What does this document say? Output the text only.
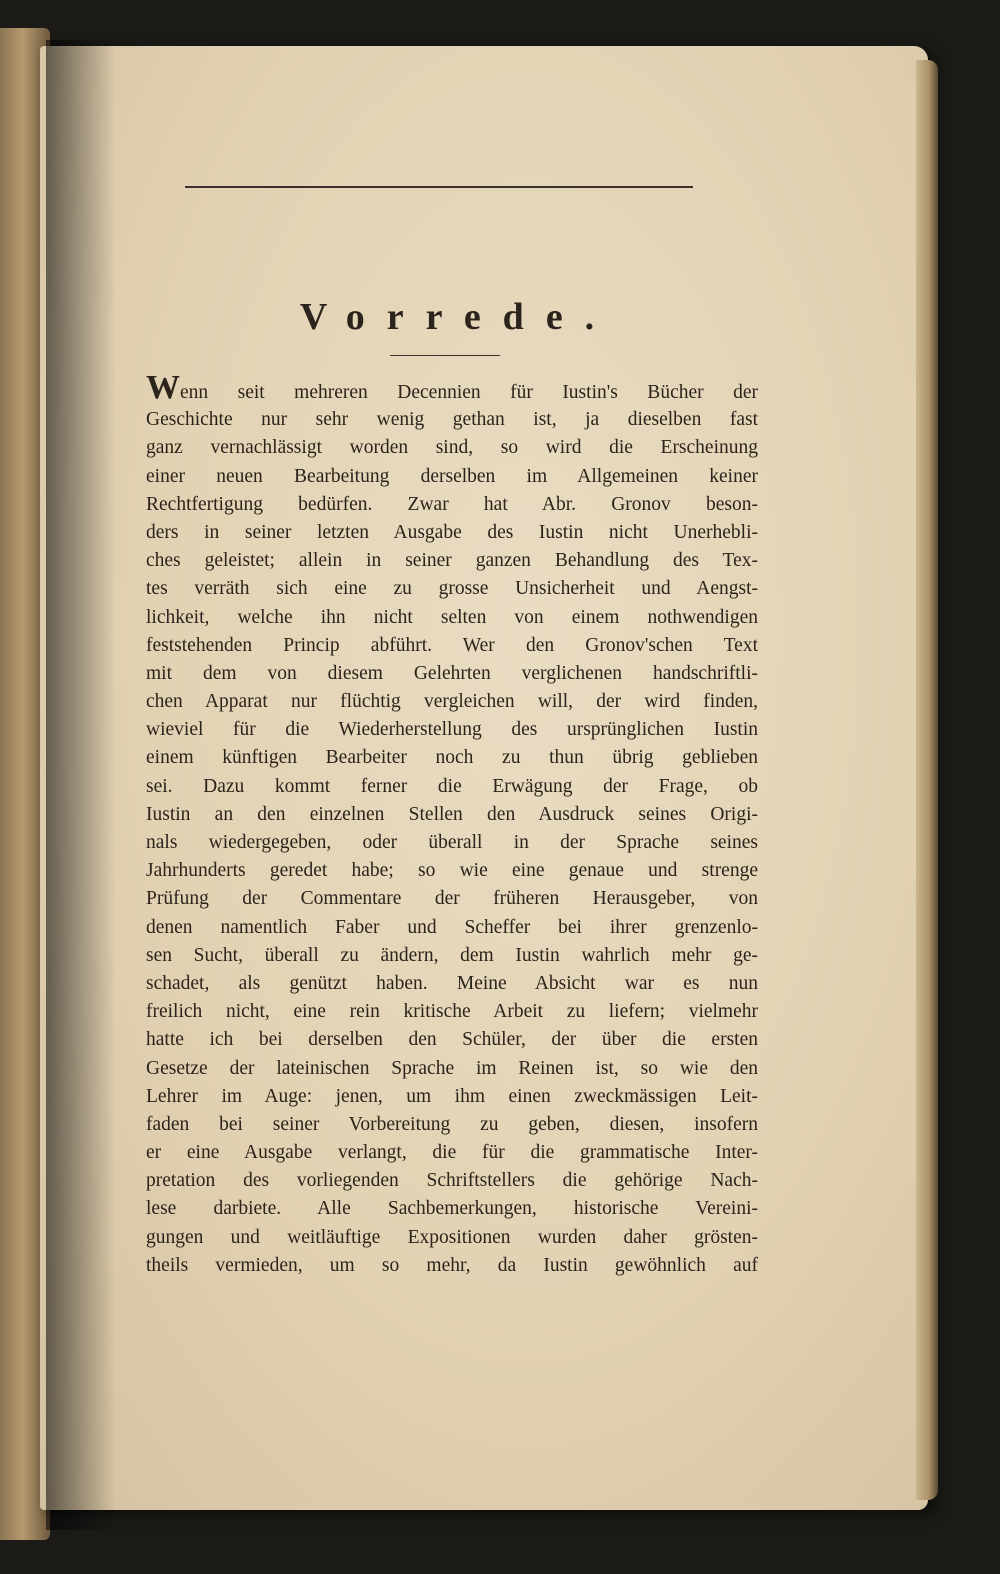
Vorrede.
Wenn seit mehreren Decennien für Iustin's Bücher der
Geschichte nur sehr wenig gethan ist, ja dieselben fast
ganz vernachlässigt worden sind, so wird die Erscheinung
einer neuen Bearbeitung derselben im Allgemeinen keiner
Rechtfertigung bedürfen. Zwar hat Abr. Gronov beson-
ders in seiner letzten Ausgabe des Iustin nicht Unerhebli-
ches geleistet; allein in seiner ganzen Behandlung des Tex-
tes verräth sich eine zu grosse Unsicherheit und Aengst-
lichkeit, welche ihn nicht selten von einem nothwendigen
feststehenden Princip abführt. Wer den Gronov'schen Text
mit dem von diesem Gelehrten verglichenen handschriftli-
chen Apparat nur flüchtig vergleichen will, der wird finden,
wieviel für die Wiederherstellung des ursprünglichen Iustin
einem künftigen Bearbeiter noch zu thun übrig geblieben
sei. Dazu kommt ferner die Erwägung der Frage, ob
Iustin an den einzelnen Stellen den Ausdruck seines Origi-
nals wiedergegeben, oder überall in der Sprache seines
Jahrhunderts geredet habe; so wie eine genaue und strenge
Prüfung der Commentare der früheren Herausgeber, von
denen namentlich Faber und Scheffer bei ihrer grenzenlo-
sen Sucht, überall zu ändern, dem Iustin wahrlich mehr ge-
schadet, als genützt haben. Meine Absicht war es nun
freilich nicht, eine rein kritische Arbeit zu liefern; vielmehr
hatte ich bei derselben den Schüler, der über die ersten
Gesetze der lateinischen Sprache im Reinen ist, so wie den
Lehrer im Auge: jenen, um ihm einen zweckmässigen Leit-
faden bei seiner Vorbereitung zu geben, diesen, insofern
er eine Ausgabe verlangt, die für die grammatische Inter-
pretation des vorliegenden Schriftstellers die gehörige Nach-
lese darbiete. Alle Sachbemerkungen, historische Vereini-
gungen und weitläuftige Expositionen wurden daher grösten-
theils vermieden, um so mehr, da Iustin gewöhnlich auf
